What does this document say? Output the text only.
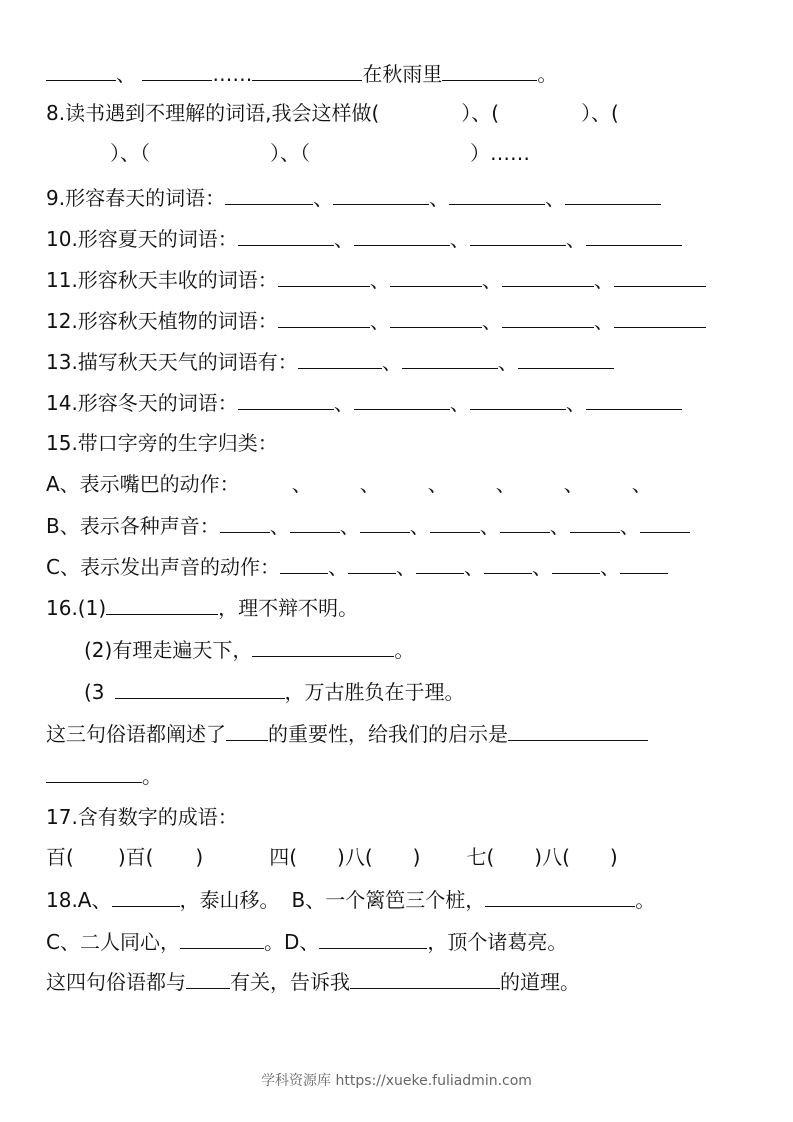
、	……	在秋雨里	。
8.读书遇到不理解的词语,我会这样做(	）、(	）、(
）、（	）、（	）……
9.形容春天的词语：	、	、	、
10.形容夏天的词语：	、	、	、
11.形容秋天丰收的词语：	、	、	、
12.形容秋天植物的词语：	、	、	、
13.描写秋天天气的词语有：	、	、
14.形容冬天的词语：	、	、	、
15.带口字旁的生字归类：
A、表示嘴巴的动作：	、 、 、 、 、 、
B、表示各种声音：	、	、	、	、	、	、
C、表示发出声音的动作： 、 、 、 、 、
16.(1)	，理不辩不明。
(2)有理走遍天下，	。
(3	，万古胜负在于理。
这三句俗语都阐述了 的重要性，给我们的启示是
。
17.含有数字的成语：
百( )百( )	四( )八( ) 七( )八( )
18.A、	，泰山移。 B、一个篱笆三个桩，	。
C、二人同心，	。D、	，顶个诸葛亮。
这四句俗语都与 有关，告诉我	的道理。
学科资源库 https://xueke.fuliadmin.com
